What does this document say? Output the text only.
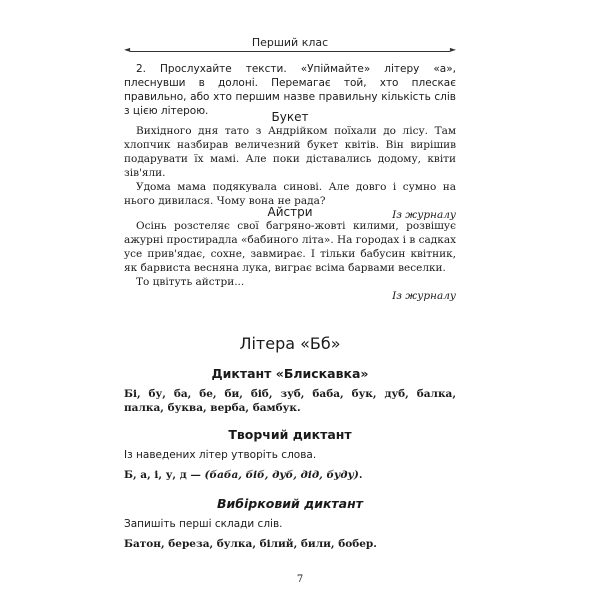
Перший клас
◄	►

2. Прослухайте тексти. «Упіймайте» літеру «а», плеснувши в долоні. Перемагає той, хто плескає правильно, або хто першим назве правильну кількість слів з цією літерою.	Букет

Вихідного дня тато з Андрійком поїхали до лісу. Там хлопчик назбирав величезний букет квітів. Він вирішив подарувати їх мамі. Але поки діставались додому, квіти зів'яли.

Удома мама подякувала синові. Але довго і сумно на нього дивилася. Чому вона не рада?

Із журналу

Айстри

Осінь розстеляє свої багряно-жовті килими, розвішує ажурні простирадла «бабиного літа». На городах і в садках усе прив'ядає, сохне, завмирає. І тільки бабусин квітник, як барвиста весняна лука, виграє всіма барвами веселки.

То цвітуть айстри...

Із журналу

Літера «Бб»

Диктант «Блискавка»

Бі, бу, ба, бе, би, біб, зуб, баба, бук, дуб, балка, палка, буква, верба, бамбук.

Творчий диктант

Із наведених літер утворіть слова.

Б, а, і, у, д — (баба, біб, дуб, дід, буду).

Вибірковий диктант

Запишіть перші склади слів.

Батон, береза, булка, білий, били, бобер.

7
